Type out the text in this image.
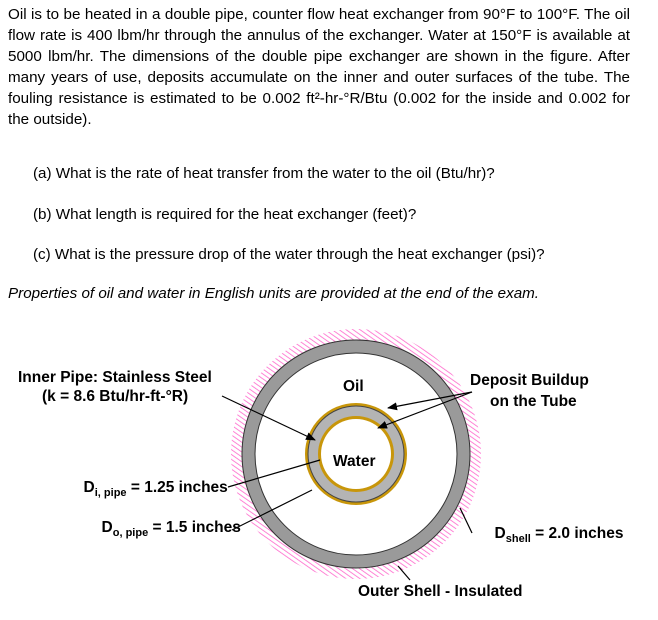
Oil is to be heated in a double pipe, counter flow heat exchanger from 90°F to 100°F. The oil flow rate is 400 lbm/hr through the annulus of the exchanger. Water at 150°F is available at 5000 lbm/hr. The dimensions of the double pipe exchanger are shown in the figure. After many years of use, deposits accumulate on the inner and outer surfaces of the tube. The fouling resistance is estimated to be 0.002 ft²-hr-°R/Btu (0.002 for the inside and 0.002 for the outside).
(a) What is the rate of heat transfer from the water to the oil (Btu/hr)?
(b) What length is required for the heat exchanger (feet)?
(c) What is the pressure drop of the water through the heat exchanger (psi)?
Properties of oil and water in English units are provided at the end of the exam.
Inner Pipe: Stainless Steel
(k = 8.6 Btu/hr-ft-°R)
$D_{i, pipe} = 1.25$ inches
$D_{o, pipe} = 1.5$ inches
Oil
Water
Deposit Buildup
on the Tube
$D_{shell} = 2.0$ inches
Outer Shell - Insulated
